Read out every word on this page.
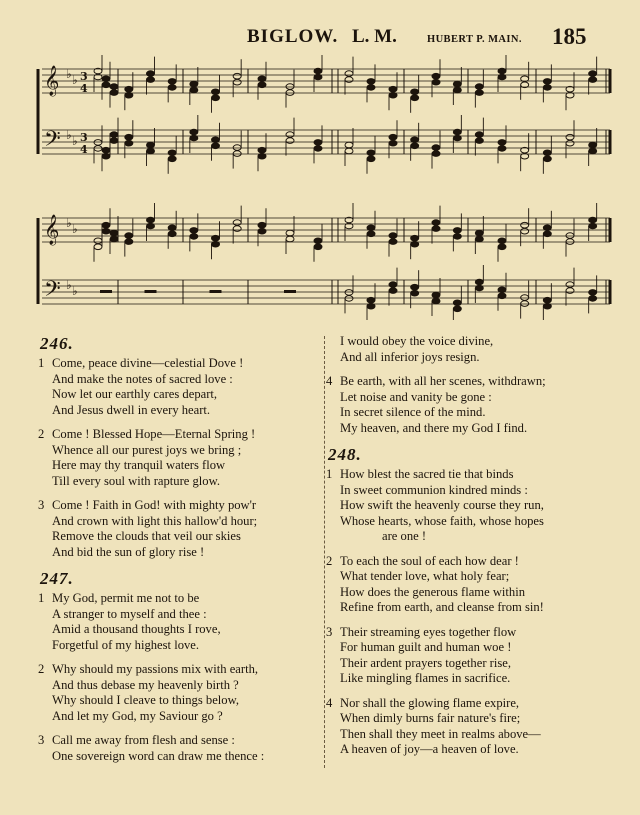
BIGLOW. L. M.	HUBERT P. MAIN. 185
𝄞 ♭ ♭ 3
4
𝄢 ♭ ♭ 3
4
𝄞 ♭ ♭
𝄢 ♭ ♭
246.
1 Come, peace divine—celestial Dove !
And make the notes of sacred love :
Now let our earthly cares depart,
And Jesus dwell in every heart.
2 Come ! Blessed Hope—Eternal Spring !
Whence all our purest joys we bring ;
Here may thy tranquil waters flow
Till every soul with rapture glow.
3 Come ! Faith in God! with mighty pow'r
And crown with light this hallow'd hour;
Remove the clouds that veil our skies
And bid the sun of glory rise !
247.
1 My God, permit me not to be
A stranger to myself and thee :
Amid a thousand thoughts I rove,
Forgetful of my highest love.
2 Why should my passions mix with earth,
And thus debase my heavenly birth ?
Why should I cleave to things below,
And let my God, my Saviour go ?
3 Call me away from flesh and sense :
One sovereign word can draw me thence :
I would obey the voice divine,
And all inferior joys resign.
4 Be earth, with all her scenes, withdrawn;
Let noise and vanity be gone :
In secret silence of the mind.
My heaven, and there my God I find.
248.
1 How blest the sacred tie that binds
In sweet communion kindred minds :
How swift the heavenly course they run,
Whose hearts, whose faith, whose hopes
are one !
2 To each the soul of each how dear !
What tender love, what holy fear;
How does the generous flame within
Refine from earth, and cleanse from sin!
3 Their streaming eyes together flow
For human guilt and human woe !
Their ardent prayers together rise,
Like mingling flames in sacrifice.
4 Nor shall the glowing flame expire,
When dimly burns fair nature's fire;
Then shall they meet in realms above—
A heaven of joy—a heaven of love.
